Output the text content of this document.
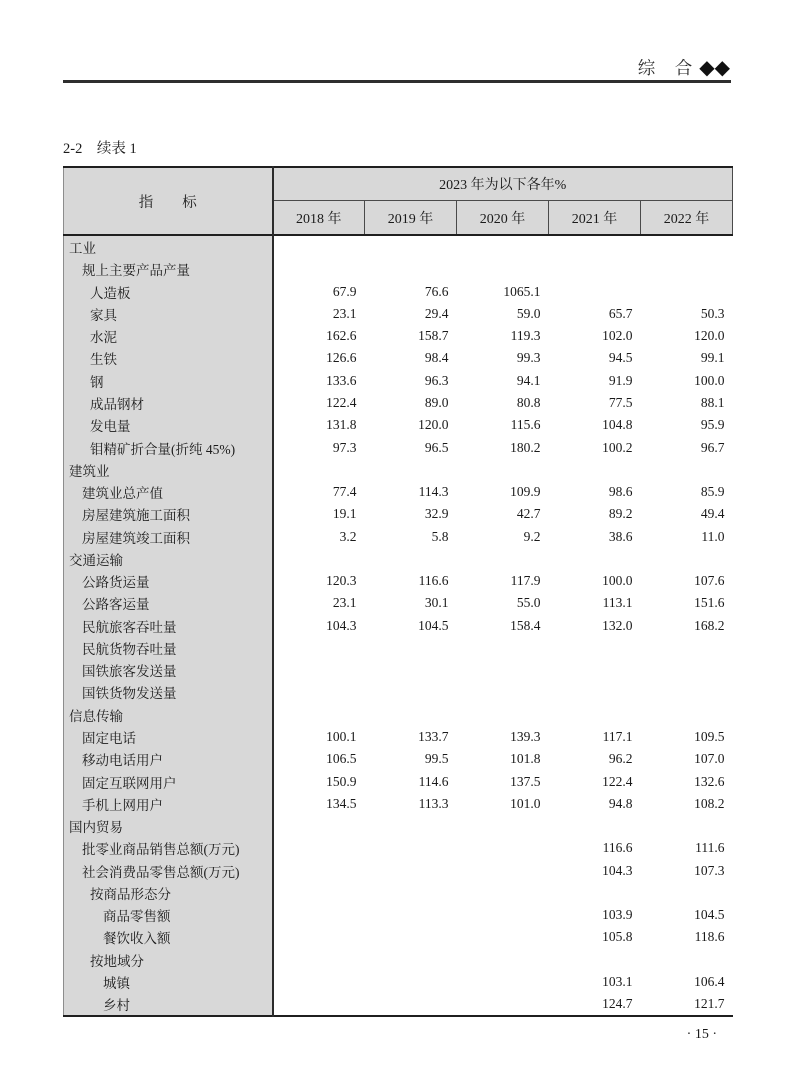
综　合 ◆◆
2-2　续表 1
指　　标	2023 年为以下各年%				
	2018 年	2019 年	2020 年	2021 年	2022 年
工业					
规上主要产品产量					
人造板	67.9	76.6	1065.1		
家具	23.1	29.4	59.0	65.7	50.3
水泥	162.6	158.7	119.3	102.0	120.0
生铁	126.6	98.4	99.3	94.5	99.1
钢	133.6	96.3	94.1	91.9	100.0
成品钢材	122.4	89.0	80.8	77.5	88.1
发电量	131.8	120.0	115.6	104.8	95.9
钼精矿折合量(折纯 45%)	97.3	96.5	180.2	100.2	96.7
建筑业					
建筑业总产值	77.4	114.3	109.9	98.6	85.9
房屋建筑施工面积	19.1	32.9	42.7	89.2	49.4
房屋建筑竣工面积	3.2	5.8	9.2	38.6	11.0
交通运输					
公路货运量	120.3	116.6	117.9	100.0	107.6
公路客运量	23.1	30.1	55.0	113.1	151.6
民航旅客吞吐量	104.3	104.5	158.4	132.0	168.2
民航货物吞吐量					
国铁旅客发送量					
国铁货物发送量					
信息传输					
固定电话	100.1	133.7	139.3	117.1	109.5
移动电话用户	106.5	99.5	101.8	96.2	107.0
固定互联网用户	150.9	114.6	137.5	122.4	132.6
手机上网用户	134.5	113.3	101.0	94.8	108.2
国内贸易					
批零业商品销售总额(万元)				116.6	111.6
社会消费品零售总额(万元)				104.3	107.3
按商品形态分					
商品零售额				103.9	104.5
餐饮收入额				105.8	118.6
按地域分					
城镇				103.1	106.4
乡村				124.7	121.7
· 15 ·
